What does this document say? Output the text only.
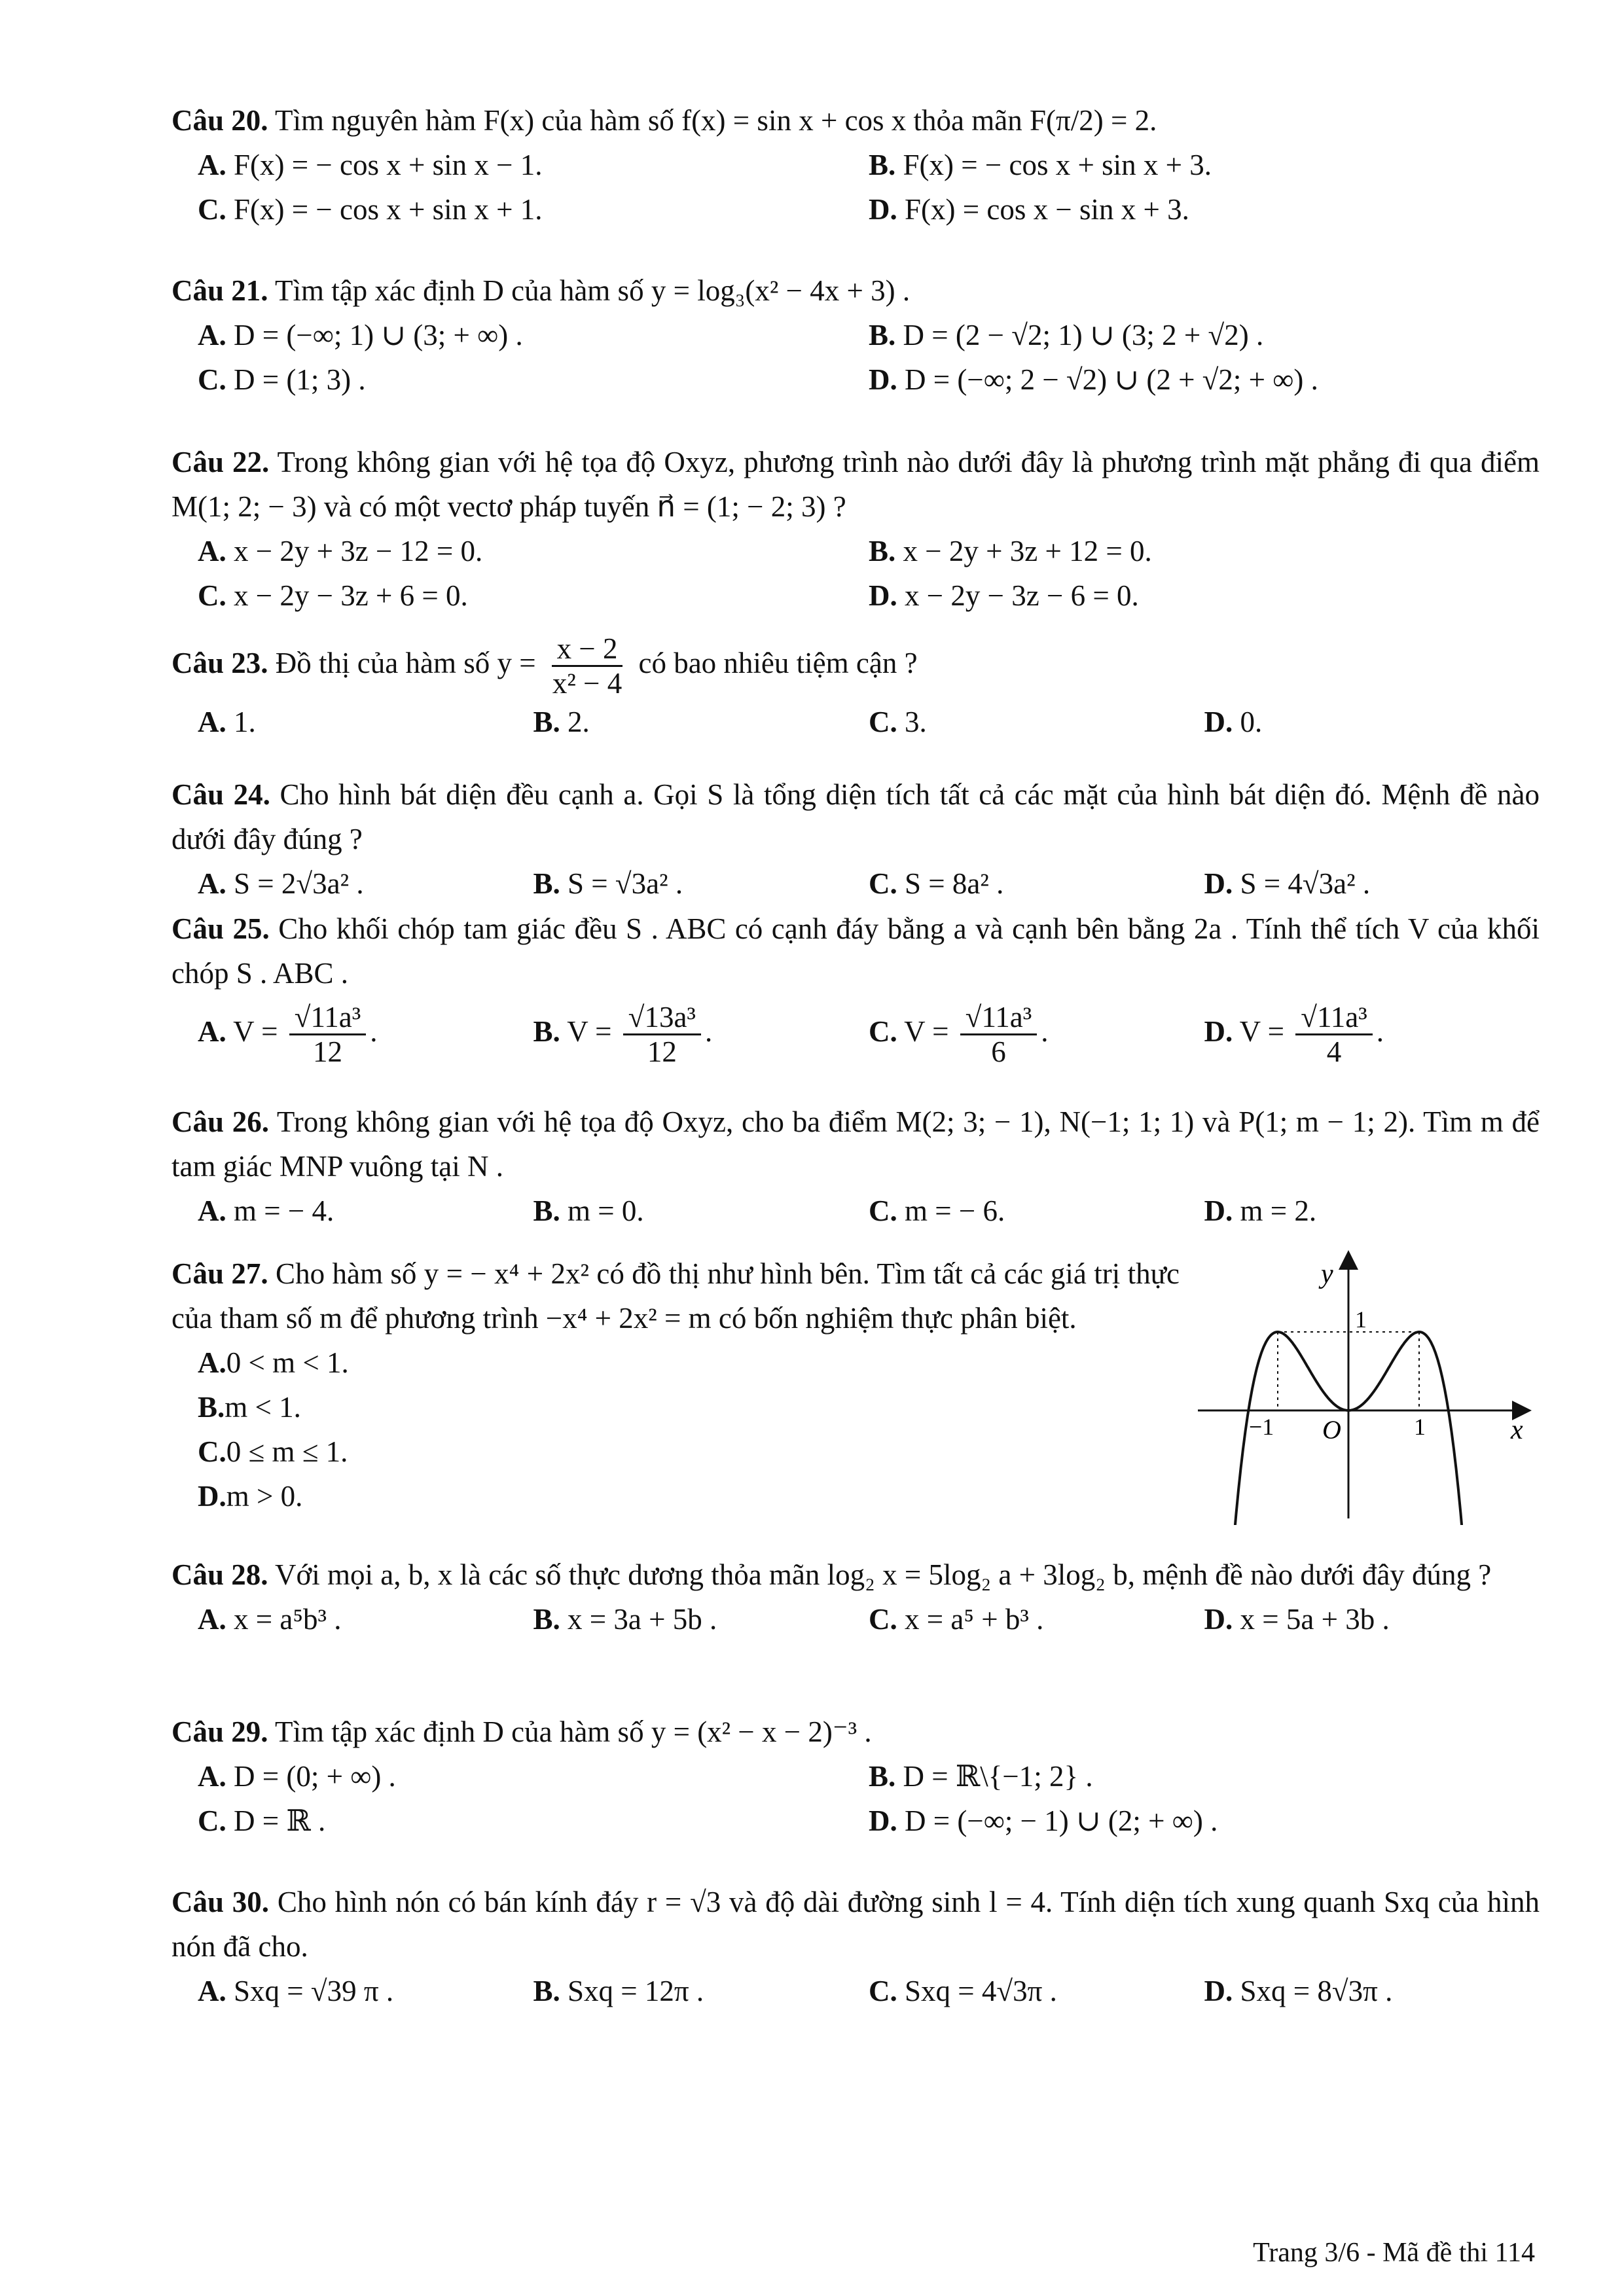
Câu 20. Tìm nguyên hàm F(x) của hàm số f(x) = sin x + cos x thỏa mãn F(π/2) = 2.

A. F(x) = − cos x + sin x − 1.	B. F(x) = − cos x + sin x + 3.
C. F(x) = − cos x + sin x + 1.	D. F(x) = cos x − sin x + 3.

Câu 21. Tìm tập xác định D của hàm số y = log₃(x² − 4x + 3) .

A. D = (−∞; 1) ∪ (3; + ∞) .	B. D = (2 − √2; 1) ∪ (3; 2 + √2) .
C. D = (1; 3) .	D. D = (−∞; 2 − √2) ∪ (2 + √2; + ∞) .

Câu 22. Trong không gian với hệ tọa độ Oxyz, phương trình nào dưới đây là phương trình mặt phẳng đi qua điểm M(1; 2; − 3) và có một vectơ pháp tuyến n⃗ = (1; − 2; 3) ?

A. x − 2y + 3z − 12 = 0.	B. x − 2y + 3z + 12 = 0.
C. x − 2y − 3z + 6 = 0.	D. x − 2y − 3z − 6 = 0.

Câu 23. Đồ thị của hàm số $y = \frac{x - 2}{\text{x² − 4}}$ có bao nhiêu tiệm cận ?

A. 1.	B. 2.	C. 3.	D. 0.

Câu 24. Cho hình bát diện đều cạnh a. Gọi S là tổng diện tích tất cả các mặt của hình bát diện đó. Mệnh đề nào dưới đây đúng ?

A. S = 2√3a² .	B. S = √3a² .	C. S = 8a² .	D. S = 4√3a² .

Câu 25. Cho khối chóp tam giác đều S . ABC có cạnh đáy bằng a và cạnh bên bằng 2a . Tính thể tích V của khối chóp S . ABC .

A. $V = \frac{\text{√11a³}}{12}$ .	B. $V = \frac{\text{√13a³}}{12}$ .	C. $V = \frac{\text{√11a³}}{6}$ .	D. $V = \frac{\text{√11a³}}{4}$ .

Câu 26. Trong không gian với hệ tọa độ Oxyz, cho ba điểm M(2; 3; − 1), N(−1; 1; 1) và P(1; m − 1; 2). Tìm m để tam giác MNP vuông tại N .

A. m = − 4.	B. m = 0.	C. m = − 6.	D. m = 2.

Câu 27. Cho hàm số y = − x⁴ + 2x² có đồ thị như hình bên. Tìm tất cả các giá trị thực của tham số m để phương trình −x⁴ + 2x² = m có bốn nghiệm thực phân biệt.

A. 0 < m < 1.
B. m < 1.
C. 0 ≤ m ≤ 1.
D. m > 0.
y
x
O
1
−1	1

Câu 28. Với mọi a, b, x là các số thực dương thỏa mãn log₂ x = 5log₂ a + 3log₂ b, mệnh đề nào dưới đây đúng ?

A. x = a⁵b³ .	B. x = 3a + 5b .	C. x = a⁵ + b³ .	D. x = 5a + 3b .

Câu 29. Tìm tập xác định D của hàm số y = (x² − x − 2)⁻³ .

A. D = (0; + ∞) .	B. D = ℝ\{−1; 2} .
C. D = ℝ .	D. D = (−∞; − 1) ∪ (2; + ∞) .

Câu 30. Cho hình nón có bán kính đáy r = √3 và độ dài đường sinh l = 4. Tính diện tích xung quanh Sxq của hình nón đã cho.

A. Sxq = √39 π .	B. Sxq = 12π .	C. Sxq = 4√3π .	D. Sxq = 8√3π .
Trang 3/6 - Mã đề thi 114
